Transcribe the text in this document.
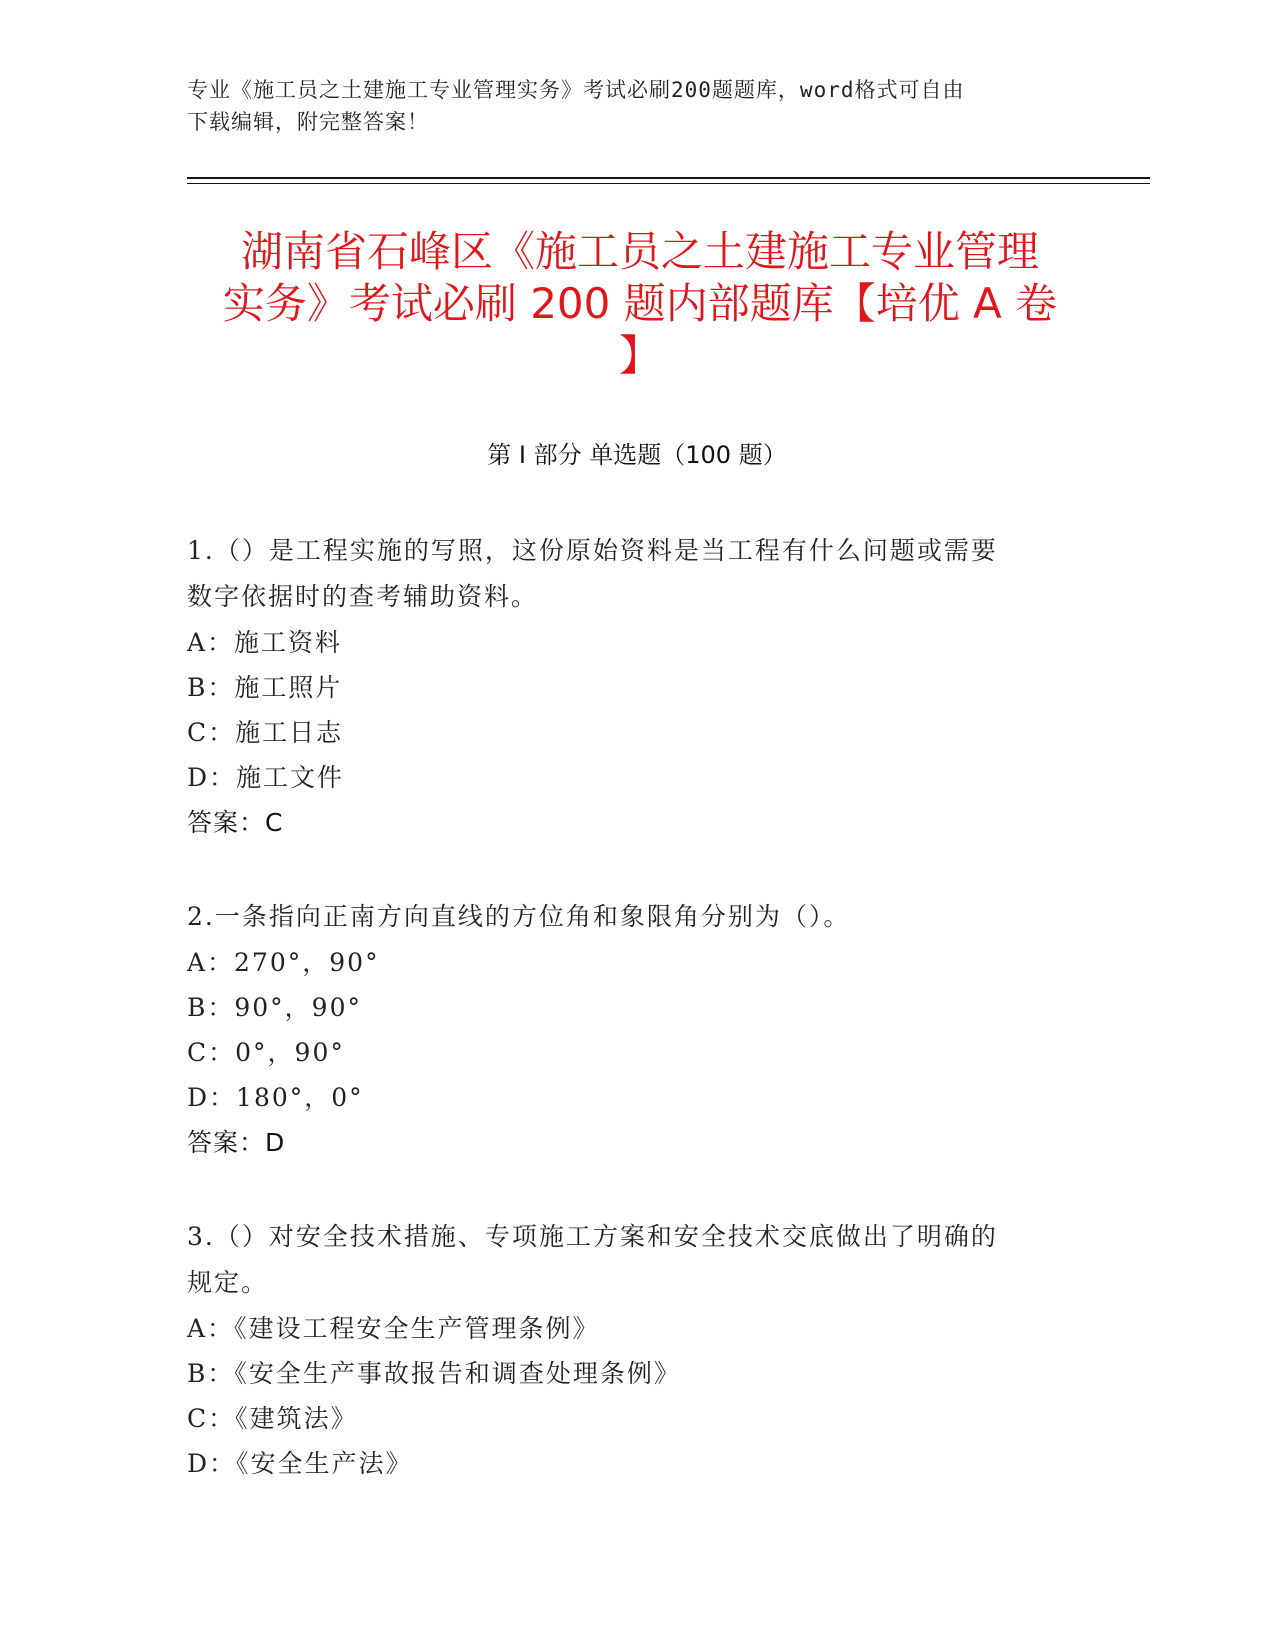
专业《施工员之土建施工专业管理实务》考试必刷200题题库，word格式可自由
下载编辑，附完整答案！
湖南省石峰区《施工员之土建施工专业管理
实务》考试必刷 200 题内部题库【培优 A 卷
】
第 I 部分 单选题（100 题）

1.（）是工程实施的写照，这份原始资料是当工程有什么问题或需要

数字依据时的查考辅助资料。

A：施工资料

B：施工照片

C：施工日志

D：施工文件

答案：C

2.一条指向正南方向直线的方位角和象限角分别为（）。

A：270°，90°

B：90°，90°

C：0°，90°

D：180°，0°

答案：D

3.（）对安全技术措施、专项施工方案和安全技术交底做出了明确的

规定。

A：《建设工程安全生产管理条例》

B：《安全生产事故报告和调查处理条例》

C：《建筑法》

D：《安全生产法》
